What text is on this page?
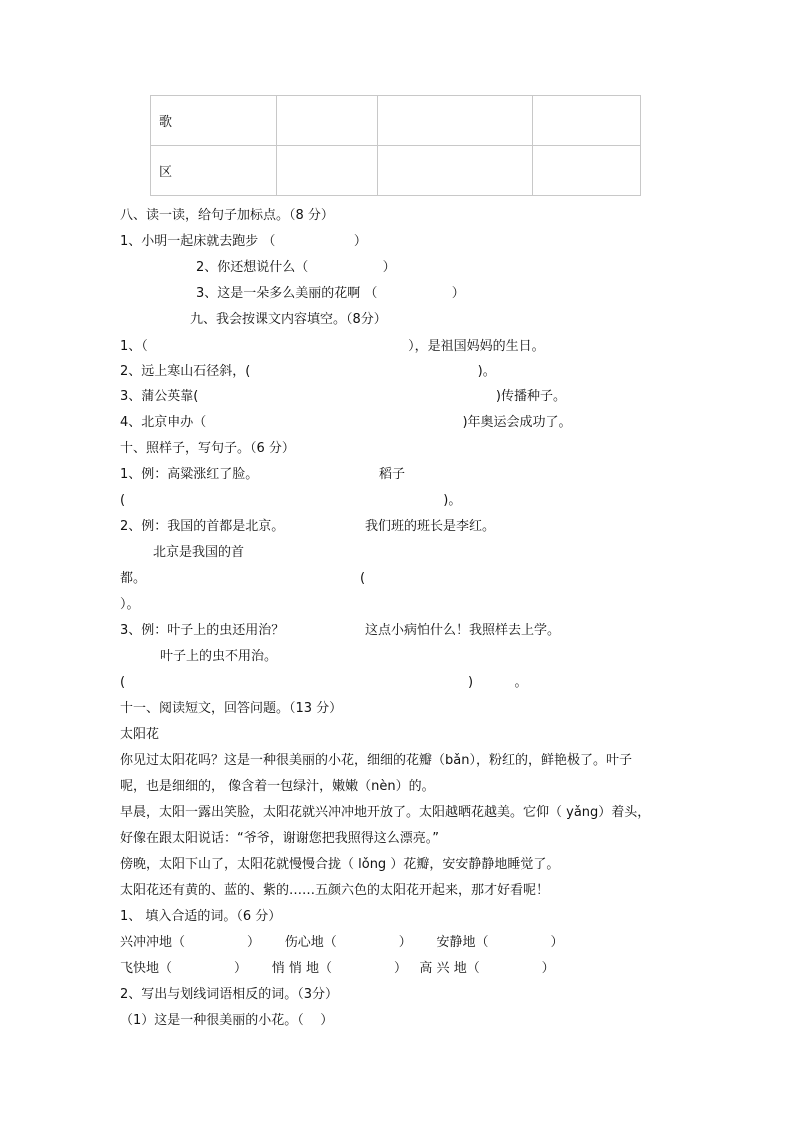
歌			
区			
八、读一读，给句子加标点。（8 分）
1、小明一起床就去跑步 （                   ）
2、你还想说什么（                  ）
3、这是一朵多么美丽的花啊 （                  ）
九、我会按课文内容填空。（8分）
1、（                                                               ），是祖国妈妈的生日。
2、远上寒山石径斜，(                                                       )。
3、蒲公英靠(                                                                        )传播种子。
4、北京申办（                                                              )年奥运会成功了。
十、照样子，写句子。（6 分）
1、例：高粱涨红了脸。	稻子
(                                                                             )。
2、例：我国的首都是北京。	我们班的班长是李红。
北京是我国的首
都。	(
）。
3、例：叶子上的虫还用治？	这点小病怕什么！我照样去上学。
叶子上的虫不用治。
(                                                                                   )          。
十一、阅读短文，回答问题。（13 分）
太阳花
你见过太阳花吗？这是一种很美丽的小花，细细的花瓣（bǎn），粉红的，鲜艳极了。叶子
呢，也是细细的， 像含着一包绿汁，嫩嫩（nèn）的。
早晨，太阳一露出笑脸，太阳花就兴冲冲地开放了。太阳越晒花越美。它仰（ yǎng）着头，
好像在跟太阳说话：“爷爷，谢谢您把我照得这么漂亮。”
傍晚，太阳下山了，太阳花就慢慢合拢（ lǒng ）花瓣，安安静静地睡觉了。
太阳花还有黄的、蓝的、紫的……五颜六色的太阳花开起来，那才好看呢！
1、 填入合适的词。（6 分）
兴冲冲地（               ）      伤心地（               ）      安静地（               ）
飞快地（               ）      悄 悄 地（               ）   高 兴 地（               ）
2、写出与划线词语相反的词。（3分）
（1）这是一种很美丽的小花。（    ）
